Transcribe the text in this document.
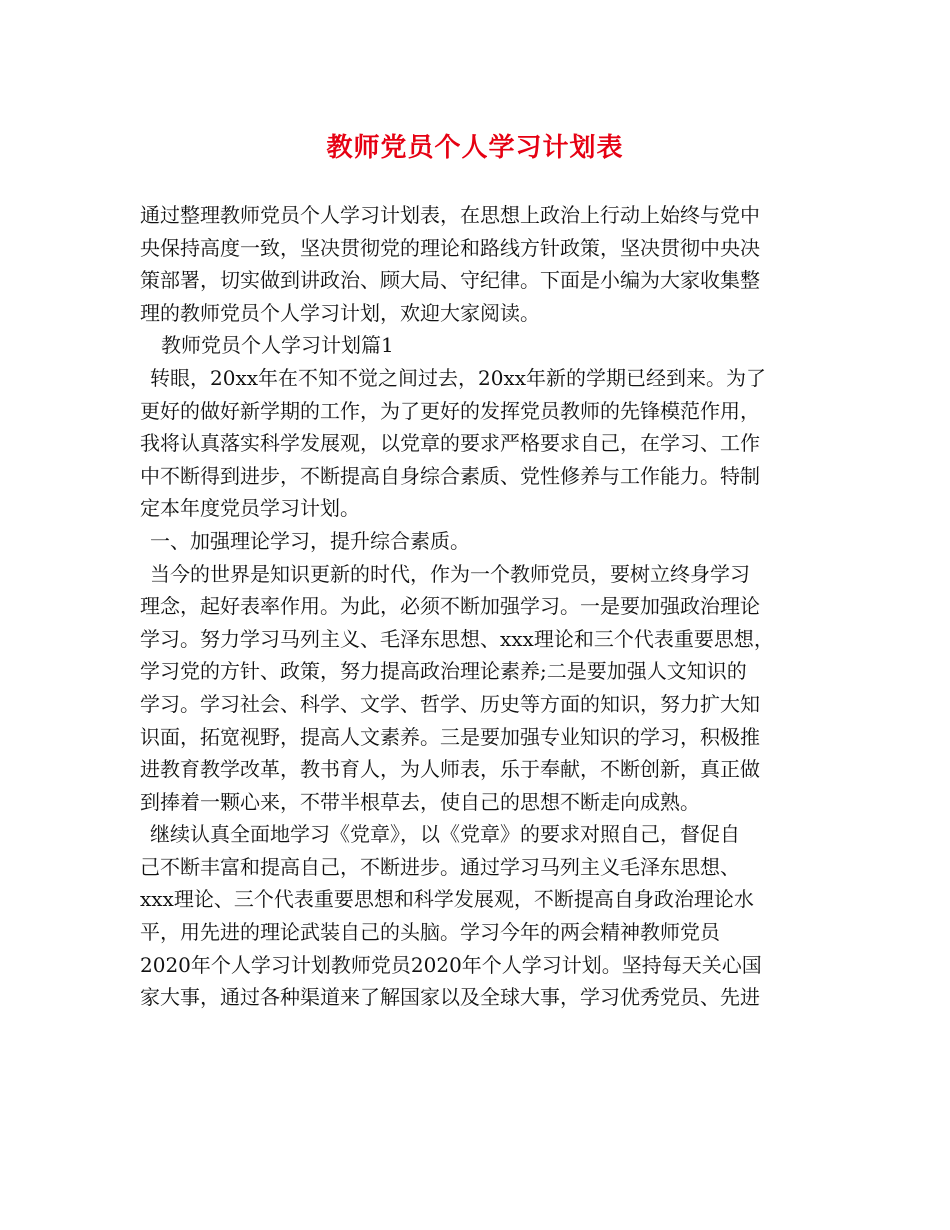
教师党员个人学习计划表
通过整理教师党员个人学习计划表，在思想上政治上行动上始终与党中
央保持高度一致，坚决贯彻党的理论和路线方针政策，坚决贯彻中央决
策部署，切实做到讲政治、顾大局、守纪律。下面是小编为大家收集整
理的教师党员个人学习计划，欢迎大家阅读。
教师党员个人学习计划篇1
转眼，20xx年在不知不觉之间过去，20xx年新的学期已经到来。为了
更好的做好新学期的工作，为了更好的发挥党员教师的先锋模范作用，
我将认真落实科学发展观，以党章的要求严格要求自己，在学习、工作
中不断得到进步，不断提高自身综合素质、党性修养与工作能力。特制
定本年度党员学习计划。
一、加强理论学习，提升综合素质。
当今的世界是知识更新的时代，作为一个教师党员，要树立终身学习
理念，起好表率作用。为此，必须不断加强学习。一是要加强政治理论
学习。努力学习马列主义、毛泽东思想、xxx理论和三个代表重要思想，
学习党的方针、政策，努力提高政治理论素养;二是要加强人文知识的
学习。学习社会、科学、文学、哲学、历史等方面的知识，努力扩大知
识面，拓宽视野，提高人文素养。三是要加强专业知识的学习，积极推
进教育教学改革，教书育人，为人师表，乐于奉献，不断创新，真正做
到捧着一颗心来，不带半根草去，使自己的思想不断走向成熟。
继续认真全面地学习《党章》，以《党章》的要求对照自己，督促自
己不断丰富和提高自己，不断进步。通过学习马列主义毛泽东思想、
xxx理论、三个代表重要思想和科学发展观，不断提高自身政治理论水
平，用先进的理论武装自己的头脑。学习今年的两会精神教师党员
2020年个人学习计划教师党员2020年个人学习计划。坚持每天关心国
家大事，通过各种渠道来了解国家以及全球大事，学习优秀党员、先进
